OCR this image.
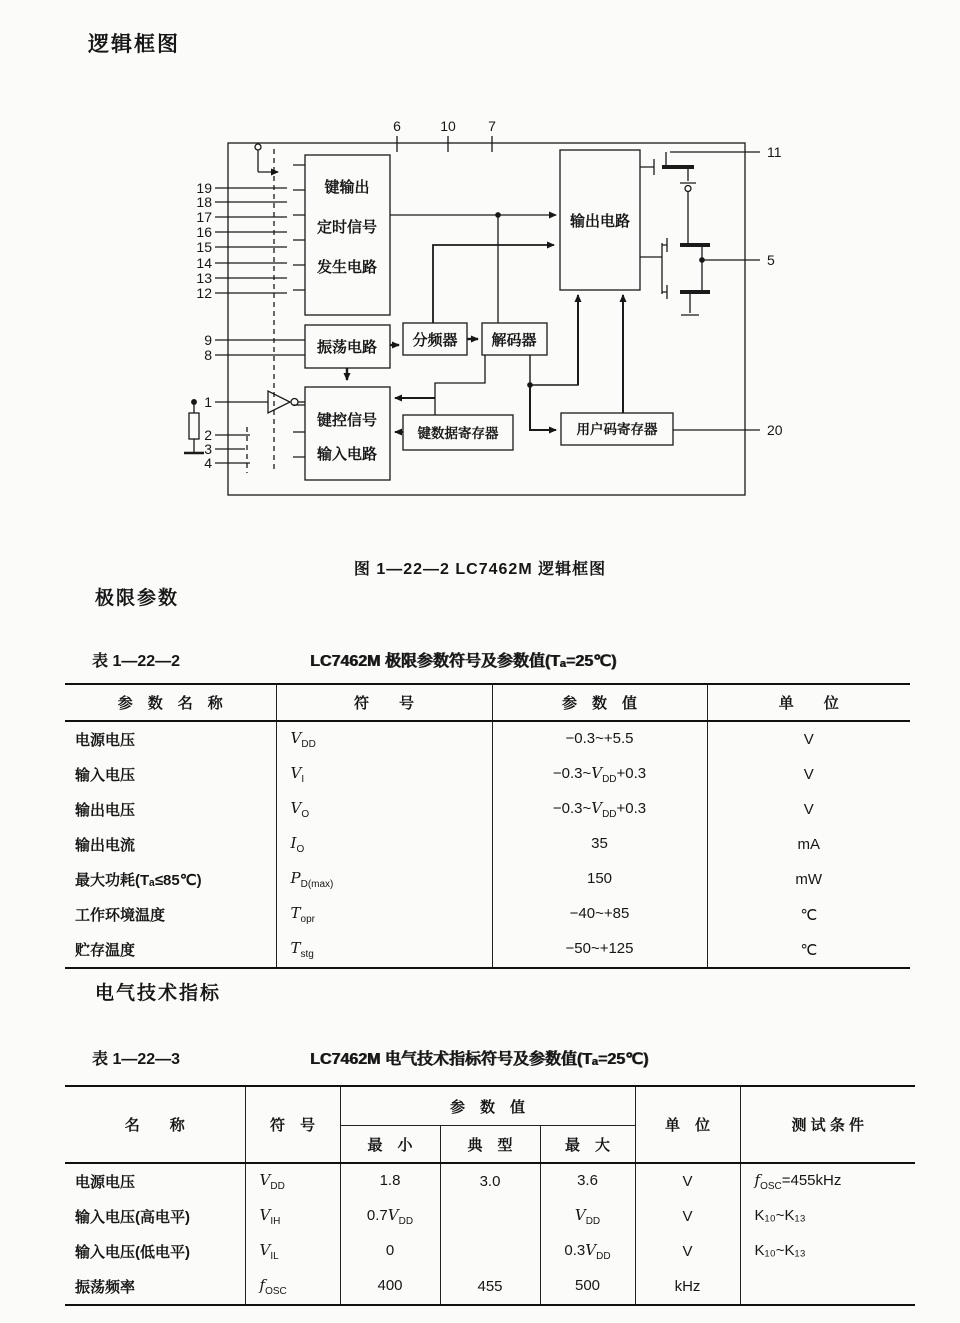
逻辑框图
键输出
定时信号
发生电路
输出电路
振荡电路 分频器 解码器
键控信号
输入电路
键数据寄存器	用户码寄存器
6	10 7
19
18
17
16
15
14
13
12
9
8
1
2
3
4
11
5
20
图 1—22—2 LC7462M 逻辑框图
极限参数
表 1—22—2	LC7462M 极限参数符号及参数值(Tₐ=25℃)
参　数　名　称	符　　号	参　数　值	单　　位
电源电压	$V_{DD}$	−0.3~+5.5	V
输入电压	$V_I$	$-0.3\sim V_{DD}+0.3$	V
输出电压	$V_O$	$-0.3\sim V_{DD}+0.3$	V
输出电流	$I_O$	35	mA
最大功耗(Tₐ≤85℃)	$P_{D(max)}$	150	mW
工作环境温度	$T_{opr}$	−40~+85	℃
贮存温度	$T_{stg}$	−50~+125	℃
电气技术指标
表 1—22—3	LC7462M 电气技术指标符号及参数值(Tₐ=25℃)
名　　称	符　号	参　数　值			单　位	测 试 条 件
		最　小	典　型	最　大		
电源电压	$V_{DD}$	1.8	3.0	3.6	V	$f_{OSC}=455kHz$
输入电压(高电平)	$V_{IH}$	$0.7V_{DD}$		$V_{DD}$	V	K₁₀~K₁₃
输入电压(低电平)	$V_{IL}$	0		$0.3V_{DD}$	V	K₁₀~K₁₃
振荡频率	$f_{OSC}$	400	455	500	kHz	
